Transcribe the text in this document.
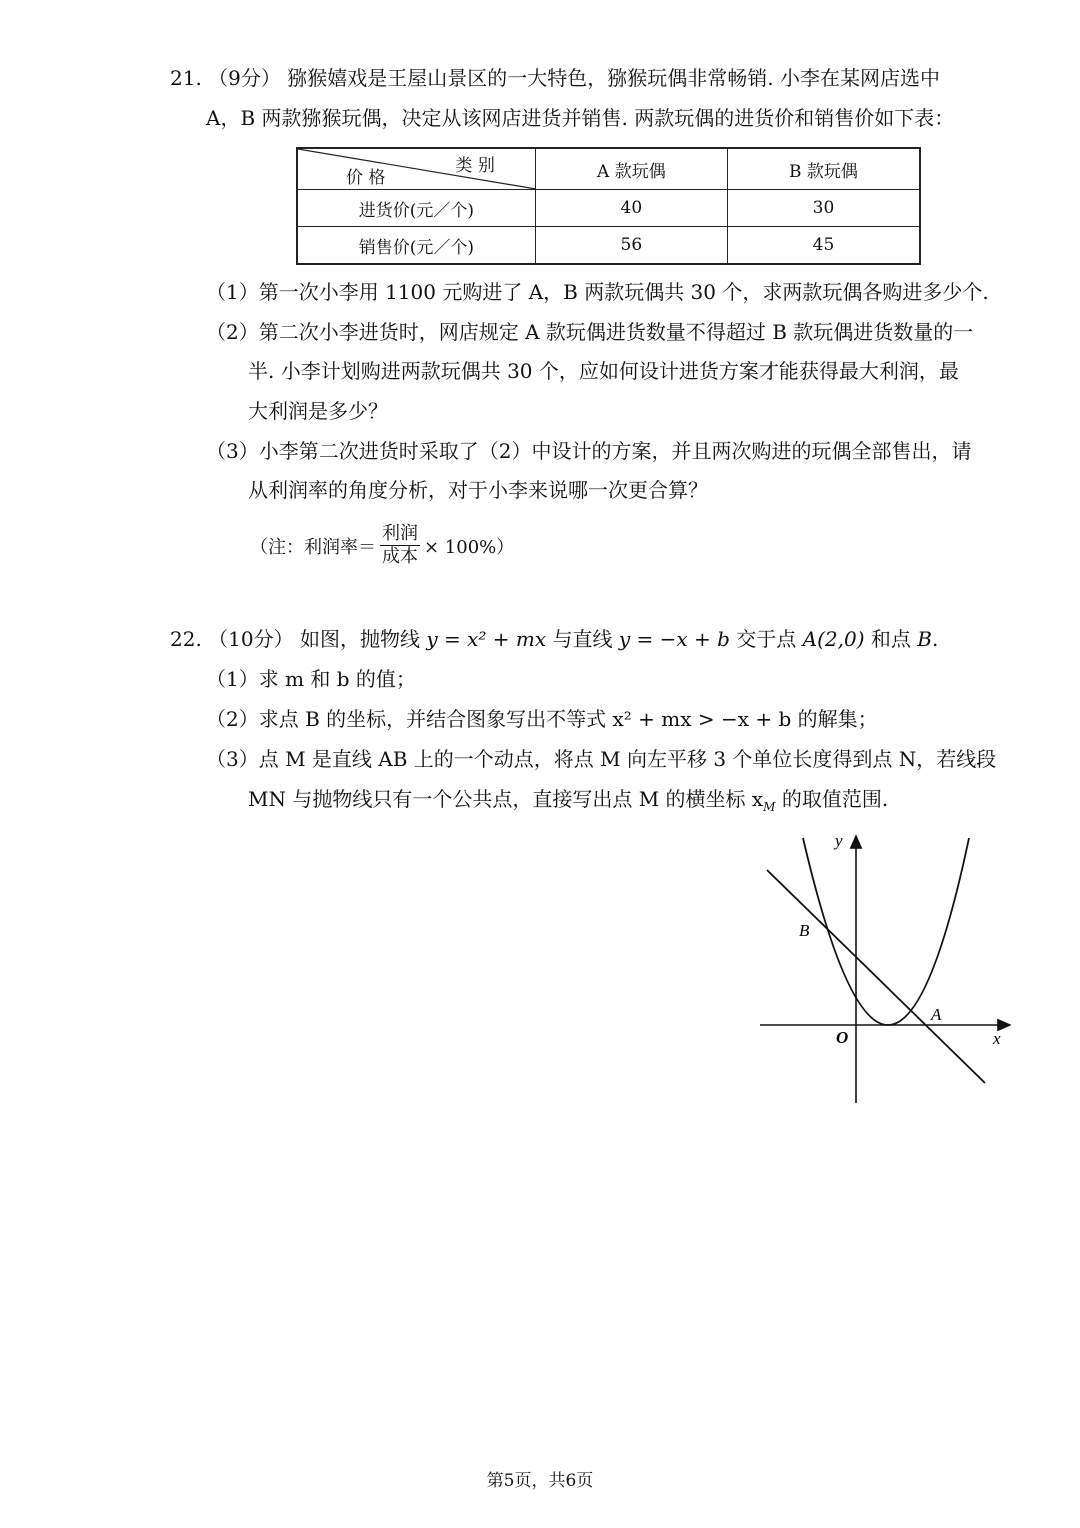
21. （9分） 猕猴嬉戏是王屋山景区的一大特色，猕猴玩偶非常畅销. 小李在某网店选中
A，B 两款猕猴玩偶，决定从该网店进货并销售. 两款玩偶的进货价和销售价如下表：
类 别
价 格	A 款玩偶	B 款玩偶
进货价(元／个)	40	30
销售价(元／个)	56	45
（1）第一次小李用 1100 元购进了 A，B 两款玩偶共 30 个，求两款玩偶各购进多少个.
（2）第二次小李进货时，网店规定 A 款玩偶进货数量不得超过 B 款玩偶进货数量的一
半. 小李计划购进两款玩偶共 30 个，应如何设计进货方案才能获得最大利润，最
大利润是多少？
（3）小李第二次进货时采取了（2）中设计的方案，并且两次购进的玩偶全部售出，请
从利润率的角度分析，对于小李来说哪一次更合算？
（注：利润率＝ $\frac{\text{利润}}{\text{成本}} \times 100\%$）
22. （10分） 如图，抛物线 y = x² + mx 与直线 y = −x + b 交于点 A(2,0) 和点 B.
（1）求 m 和 b 的值；
（2）求点 B 的坐标，并结合图象写出不等式 x² + mx > −x + b 的解集；
（3）点 M 是直线 AB 上的一个动点，将点 M 向左平移 3 个单位长度得到点 N，若线段
MN 与抛物线只有一个公共点，直接写出点 M 的横坐标 $x_M$ 的取值范围.
y
x
O
A
B
第5页，共6页
